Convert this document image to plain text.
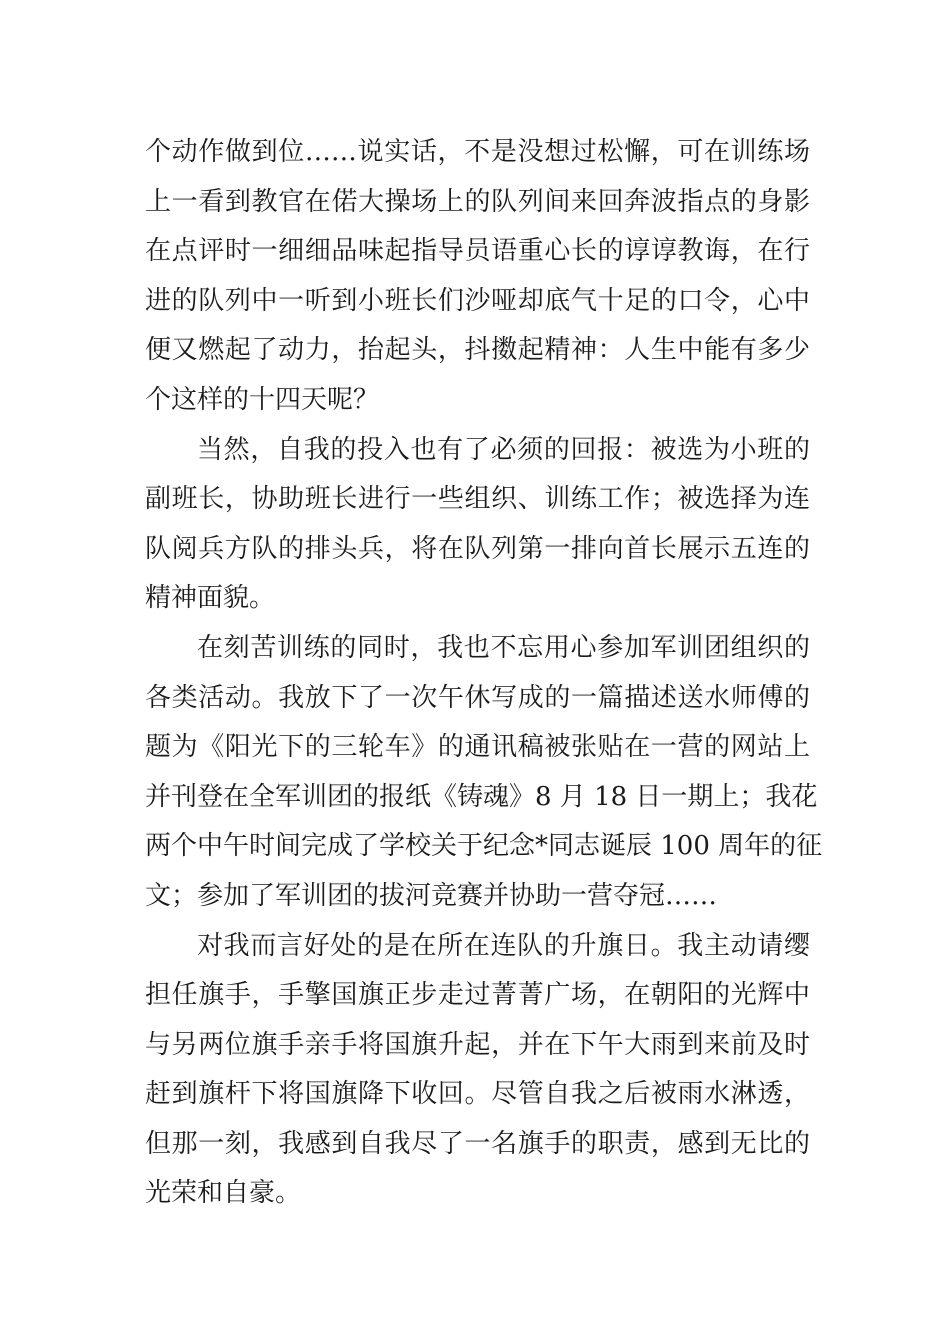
个动作做到位……说实话，不是没想过松懈，可在训练场
上一看到教官在偌大操场上的队列间来回奔波指点的身影
在点评时一细细品味起指导员语重心长的谆谆教诲，在行
进的队列中一听到小班长们沙哑却底气十足的口令，心中
便又燃起了动力，抬起头，抖擞起精神：人生中能有多少
个这样的十四天呢？
当然，自我的投入也有了必须的回报：被选为小班的
副班长，协助班长进行一些组织、训练工作；被选择为连
队阅兵方队的排头兵，将在队列第一排向首长展示五连的
精神面貌。
在刻苦训练的同时，我也不忘用心参加军训团组织的
各类活动。我放下了一次午休写成的一篇描述送水师傅的
题为《阳光下的三轮车》的通讯稿被张贴在一营的网站上
并刊登在全军训团的报纸《铸魂》8 月 18 日一期上；我花
两个中午时间完成了学校关于纪念*同志诞辰 100 周年的征
文；参加了军训团的拔河竞赛并协助一营夺冠……
对我而言好处的是在所在连队的升旗日。我主动请缨
担任旗手，手擎国旗正步走过菁菁广场，在朝阳的光辉中
与另两位旗手亲手将国旗升起，并在下午大雨到来前及时
赶到旗杆下将国旗降下收回。尽管自我之后被雨水淋透，
但那一刻，我感到自我尽了一名旗手的职责，感到无比的
光荣和自豪。
